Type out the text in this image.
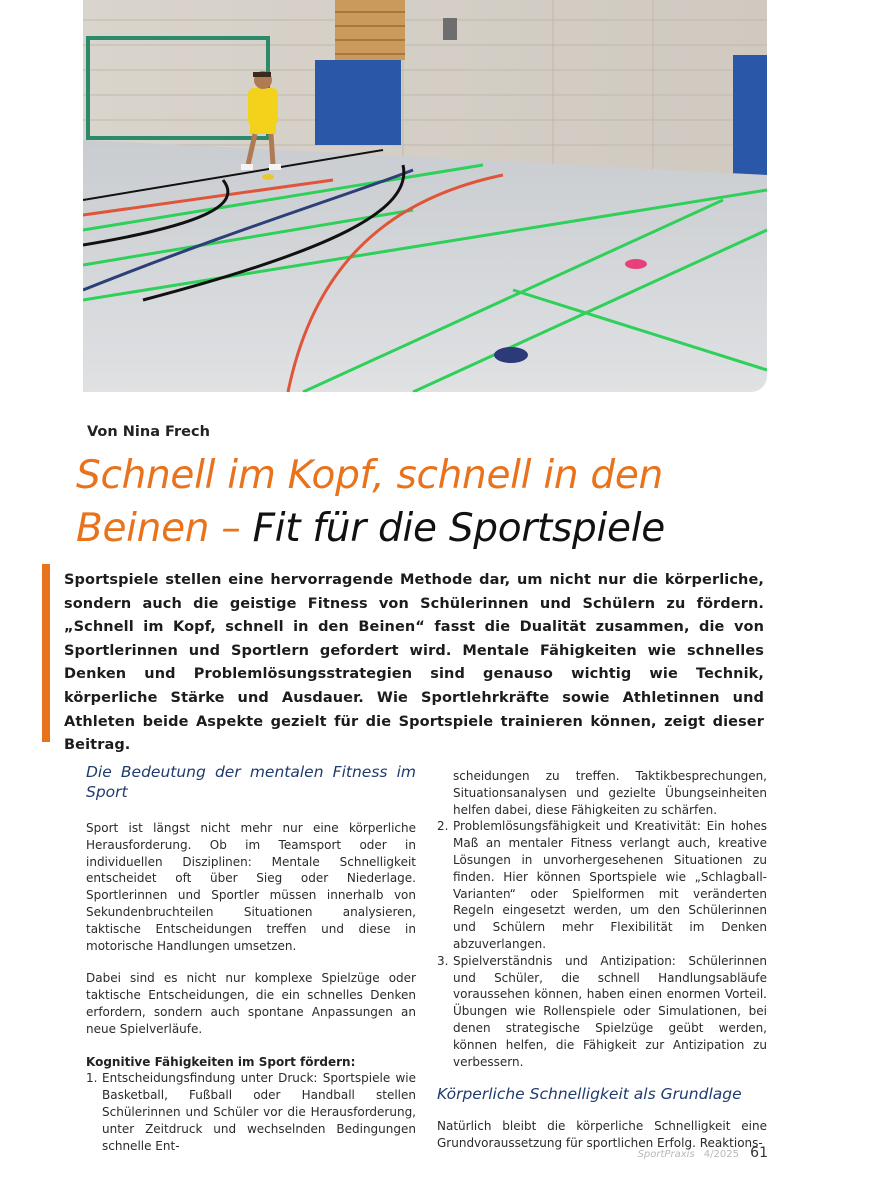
Von Nina Frech
Schnell im Kopf, schnell in den
Beinen – Fit für die Sportspiele
Sportspiele stellen eine hervorragende Methode dar, um nicht nur die körperliche, sondern auch die geistige Fitness von Schülerinnen und Schülern zu fördern. „Schnell im Kopf, schnell in den Beinen“ fasst die Dualität zusammen, die von Sportlerinnen und Sportlern gefordert wird. Mentale Fähigkeiten wie schnelles Denken und Problemlösungsstrategien sind genauso wichtig wie Technik, körperliche Stärke und Ausdauer. Wie Sportlehrkräfte sowie Athletinnen und Athleten beide Aspekte gezielt für die Sportspiele trainieren können, zeigt dieser Beitrag.
Die Bedeutung der mentalen Fitness im Sport

Sport ist längst nicht mehr nur eine körperliche Herausforderung. Ob im Teamsport oder in individuellen Disziplinen: Mentale Schnelligkeit entscheidet oft über Sieg oder Niederlage. Sportlerinnen und Sportler müssen innerhalb von Sekundenbruchteilen Situationen analysieren, taktische Entscheidungen treffen und diese in motorische Handlungen umsetzen.

Dabei sind es nicht nur komplexe Spielzüge oder taktische Entscheidungen, die ein schnelles Denken erfordern, sondern auch spontane Anpassungen an neue Spielverläufe.

Kognitive Fähigkeiten im Sport fördern:
1. Entscheidungsfindung unter Druck: Sportspiele wie Basketball, Fußball oder Handball stellen Schülerinnen und Schüler vor die Herausforderung, unter Zeitdruck und wechselnden Bedingungen schnelle Ent-
scheidungen zu treffen. Taktikbesprechungen, Situationsanalysen und gezielte Übungseinheiten helfen dabei, diese Fähigkeiten zu schärfen.
2. Problemlösungsfähigkeit und Kreativität: Ein hohes Maß an mentaler Fitness verlangt auch, kreative Lösungen in unvorhergesehenen Situationen zu finden. Hier können Sportspiele wie „Schlagball-Varianten“ oder Spielformen mit veränderten Regeln eingesetzt werden, um den Schülerinnen und Schülern mehr Flexibilität im Denken abzuverlangen.
3. Spielverständnis und Antizipation: Schülerinnen und Schüler, die schnell Handlungsabläufe voraussehen können, haben einen enormen Vorteil. Übungen wie Rollenspiele oder Simulationen, bei denen strategische Spielzüge geübt werden, können helfen, die Fähigkeit zur Antizipation zu verbessern.
Körperliche Schnelligkeit als Grundlage

Natürlich bleibt die körperliche Schnelligkeit eine Grundvoraussetzung für sportlichen Erfolg. Reaktions-

SportPraxis 4/2025 61
